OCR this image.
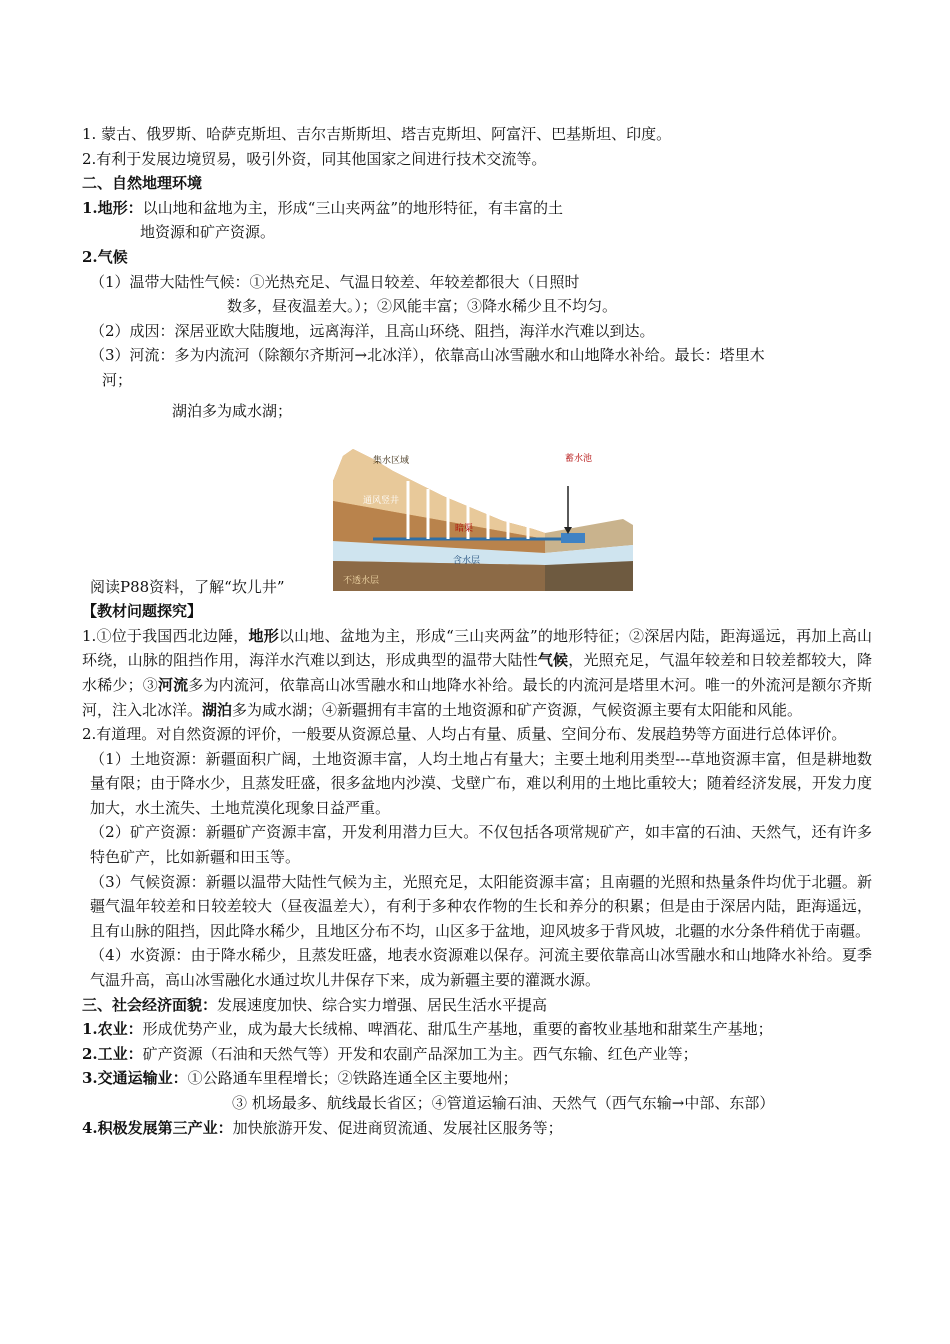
1. 蒙古、俄罗斯、哈萨克斯坦、吉尔吉斯斯坦、塔吉克斯坦、阿富汗、巴基斯坦、印度。
2.有利于发展边境贸易，吸引外资，同其他国家之间进行技术交流等。
二、自然地理环境
1.地形：以山地和盆地为主，形成“三山夹两盆”的地形特征，有丰富的土
地资源和矿产资源。
2.气候
（1）温带大陆性气候：①光热充足、气温日较差、年较差都很大（日照时
数多，昼夜温差大。）；②风能丰富；③降水稀少且不均匀。
（2）成因：深居亚欧大陆腹地，远离海洋，且高山环绕、阻挡，海洋水汽难以到达。
（3）河流：多为内流河（除额尔齐斯河→北冰洋），依靠高山冰雪融水和山地降水补给。最长：塔里木
河；
湖泊多为咸水湖；
集水区域
通风竖井
暗渠
蓄水池
含水层
不透水层
阅读P88资料，了解“坎儿井”
【教材问题探究】
1.①位于我国西北边陲，地形以山地、盆地为主，形成“三山夹两盆”的地形特征；②深居内陆，距海遥远，再加上高山环绕，山脉的阻挡作用，海洋水汽难以到达，形成典型的温带大陆性气候，光照充足，气温年较差和日较差都较大，降水稀少；③河流多为内流河，依靠高山冰雪融水和山地降水补给。最长的内流河是塔里木河。唯一的外流河是额尔齐斯河，注入北冰洋。湖泊多为咸水湖；④新疆拥有丰富的土地资源和矿产资源，气候资源主要有太阳能和风能。
2.有道理。对自然资源的评价，一般要从资源总量、人均占有量、质量、空间分布、发展趋势等方面进行总体评价。
（1）土地资源：新疆面积广阔，土地资源丰富，人均土地占有量大；主要土地利用类型---草地资源丰富，但是耕地数量有限；由于降水少，且蒸发旺盛，很多盆地内沙漠、戈壁广布，难以利用的土地比重较大；随着经济发展，开发力度加大，水土流失、土地荒漠化现象日益严重。
（2）矿产资源：新疆矿产资源丰富，开发利用潜力巨大。不仅包括各项常规矿产，如丰富的石油、天然气，还有许多特色矿产，比如新疆和田玉等。
（3）气候资源：新疆以温带大陆性气候为主，光照充足，太阳能资源丰富；且南疆的光照和热量条件均优于北疆。新疆气温年较差和日较差较大（昼夜温差大），有利于多种农作物的生长和养分的积累；但是由于深居内陆，距海遥远，且有山脉的阻挡，因此降水稀少，且地区分布不均，山区多于盆地，迎风坡多于背风坡，北疆的水分条件稍优于南疆。
（4）水资源：由于降水稀少，且蒸发旺盛，地表水资源难以保存。河流主要依靠高山冰雪融水和山地降水补给。夏季气温升高，高山冰雪融化水通过坎儿井保存下来，成为新疆主要的灌溉水源。
三、社会经济面貌：发展速度加快、综合实力增强、居民生活水平提高
1.农业：形成优势产业，成为最大长绒棉、啤酒花、甜瓜生产基地，重要的畜牧业基地和甜菜生产基地；
2.工业：矿产资源（石油和天然气等）开发和农副产品深加工为主。西气东输、红色产业等；
3.交通运输业：①公路通车里程增长；②铁路连通全区主要地州；
③ 机场最多、航线最长省区；④管道运输石油、天然气（西气东输→中部、东部）
4.积极发展第三产业：加快旅游开发、促进商贸流通、发展社区服务等；
